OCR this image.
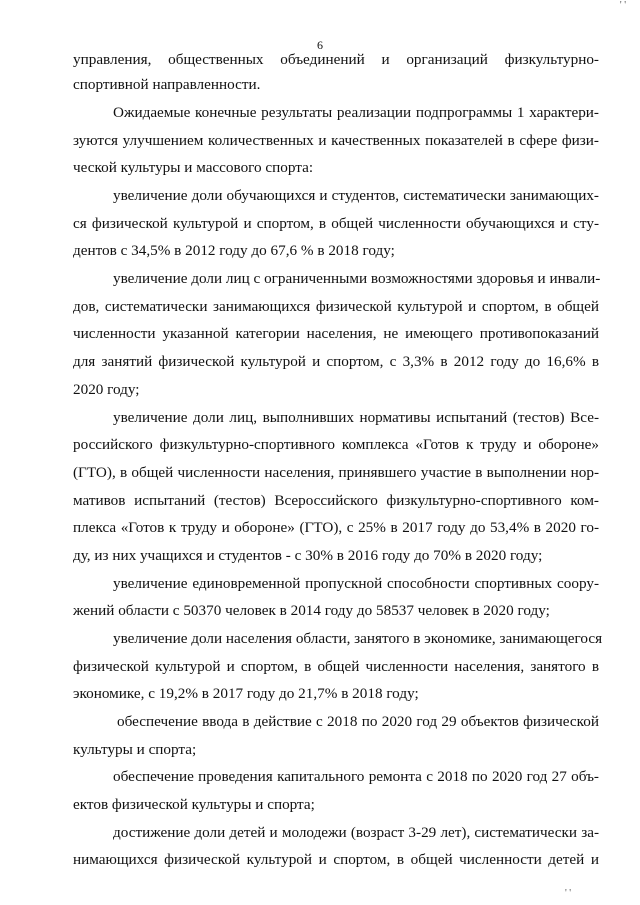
6
управления, общественных объединений и организаций физкультурно-
спортивной направленности.
Ожидаемые конечные результаты реализации подпрограммы 1 характери-
зуются улучшением количественных и качественных показателей в сфере физи-
ческой культуры и массового спорта:
увеличение доли обучающихся и студентов, систематически занимающих-
ся физической культурой и спортом, в общей численности обучающихся и сту-
дентов с 34,5% в 2012 году до 67,6 % в 2018 году;
увеличение доли лиц с ограниченными возможностями здоровья и инвали-
дов, систематически занимающихся физической культурой и спортом, в общей
численности указанной категории населения, не имеющего противопоказаний
для занятий физической культурой и спортом, с 3,3% в 2012 году до 16,6% в
2020 году;
увеличение доли лиц, выполнивших нормативы испытаний (тестов) Все-
российского физкультурно-спортивного комплекса «Готов к труду и обороне»
(ГТО), в общей численности населения, принявшего участие в выполнении нор-
мативов испытаний (тестов) Всероссийского физкультурно-спортивного ком-
плекса «Готов к труду и обороне» (ГТО), с 25% в 2017 году до 53,4% в 2020 го-
ду, из них учащихся и студентов - с 30% в 2016 году до 70% в 2020 году;
увеличение единовременной пропускной способности спортивных соору-
жений области с 50370 человек в 2014 году до 58537 человек в 2020 году;
увеличение доли населения области, занятого в экономике, занимающегося
физической культурой и спортом, в общей численности населения, занятого в
экономике, с 19,2% в 2017 году до 21,7% в 2018 году;
обеспечение ввода в действие с 2018 по 2020 год 29 объектов физической
культуры и спорта;
обеспечение проведения капитального ремонта с 2018 по 2020 год 27 объ-
ектов физической культуры и спорта;
достижение доли детей и молодежи (возраст 3-29 лет), систематически за-
нимающихся физической культурой и спортом, в общей численности детей и
' '
' '
